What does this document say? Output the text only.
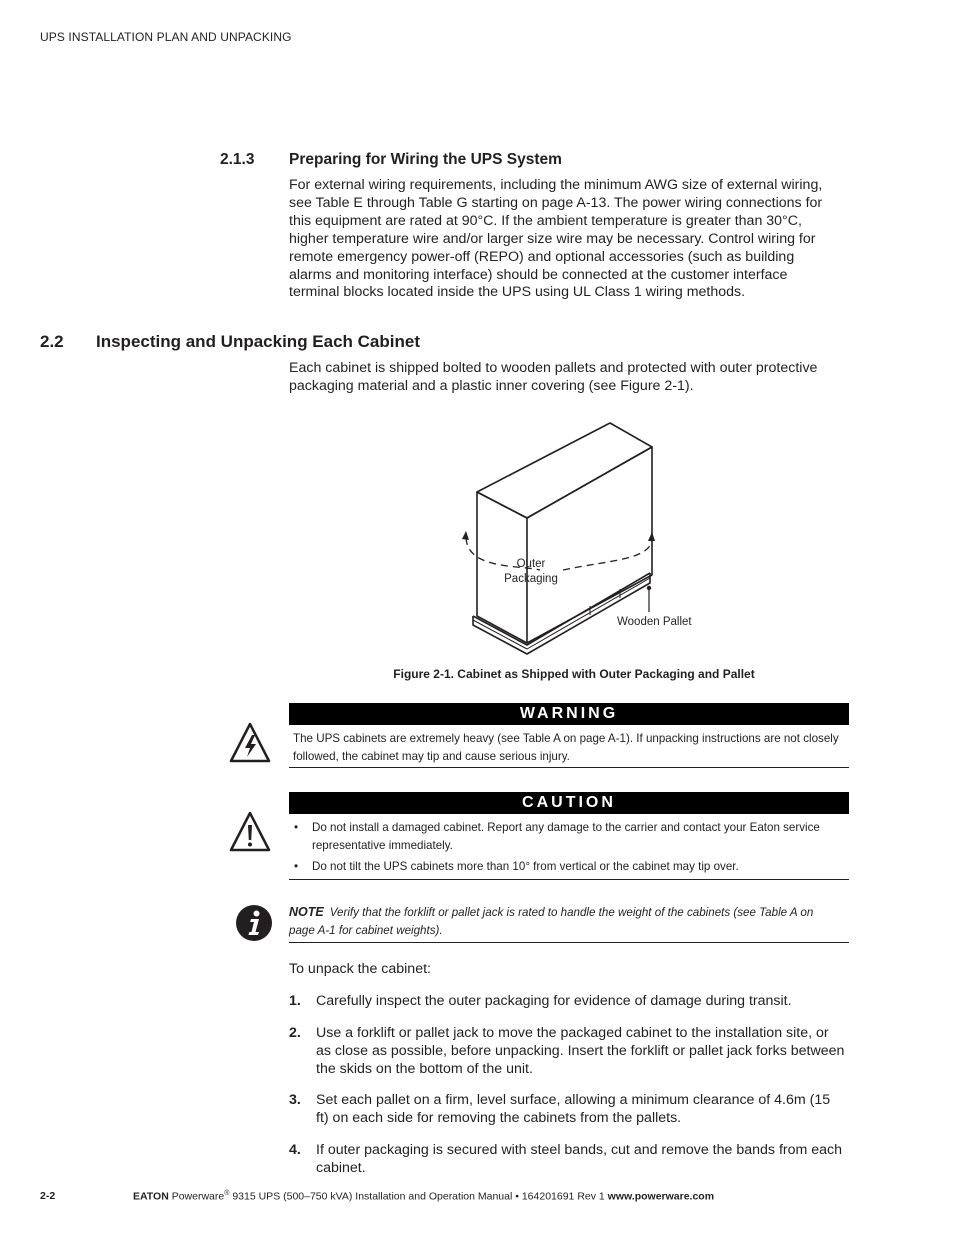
UPS INSTALLATION PLAN AND UNPACKING
2.1.3 Preparing for Wiring the UPS System
For external wiring requirements, including the minimum AWG size of external wiring,
see Table E through Table G starting on page A-13. The power wiring connections for
this equipment are rated at 90°C. If the ambient temperature is greater than 30°C,
higher temperature wire and/or larger size wire may be necessary. Control wiring for
remote emergency power-off (REPO) and optional accessories (such as building
alarms and monitoring interface) should be connected at the customer interface
terminal blocks located inside the UPS using UL Class 1 wiring methods.
2.2 Inspecting and Unpacking Each Cabinet
Each cabinet is shipped bolted to wooden pallets and protected with outer protective
packaging material and a plastic inner covering (see Figure 2-1).
Outer
Packaging
Wooden Pallet
Figure 2-1. Cabinet as Shipped with Outer Packaging and Pallet
WARNING
The UPS cabinets are extremely heavy (see Table A on page A-1). If unpacking instructions are not closely
followed, the cabinet may tip and cause serious injury.
CAUTION
• Do not install a damaged cabinet. Report any damage to the carrier and contact your Eaton service representative immediately.
• Do not tilt the UPS cabinets more than 10° from vertical or the cabinet may tip over.
NOTE Verify that the forklift or pallet jack is rated to handle the weight of the cabinets (see Table A on
page A-1 for cabinet weights).
To unpack the cabinet:
1. Carefully inspect the outer packaging for evidence of damage during transit.
2. Use a forklift or pallet jack to move the packaged cabinet to the installation site, or as close as possible, before unpacking. Insert the forklift or pallet jack forks between the skids on the bottom of the unit.
3. Set each pallet on a firm, level surface, allowing a minimum clearance of 4.6m (15 ft) on each side for removing the cabinets from the pallets.
4. If outer packaging is secured with steel bands, cut and remove the bands from each cabinet.
2-2	EATON Powerware® 9315 UPS (500–750 kVA) Installation and Operation Manual • 164201691 Rev 1 www.powerware.com
